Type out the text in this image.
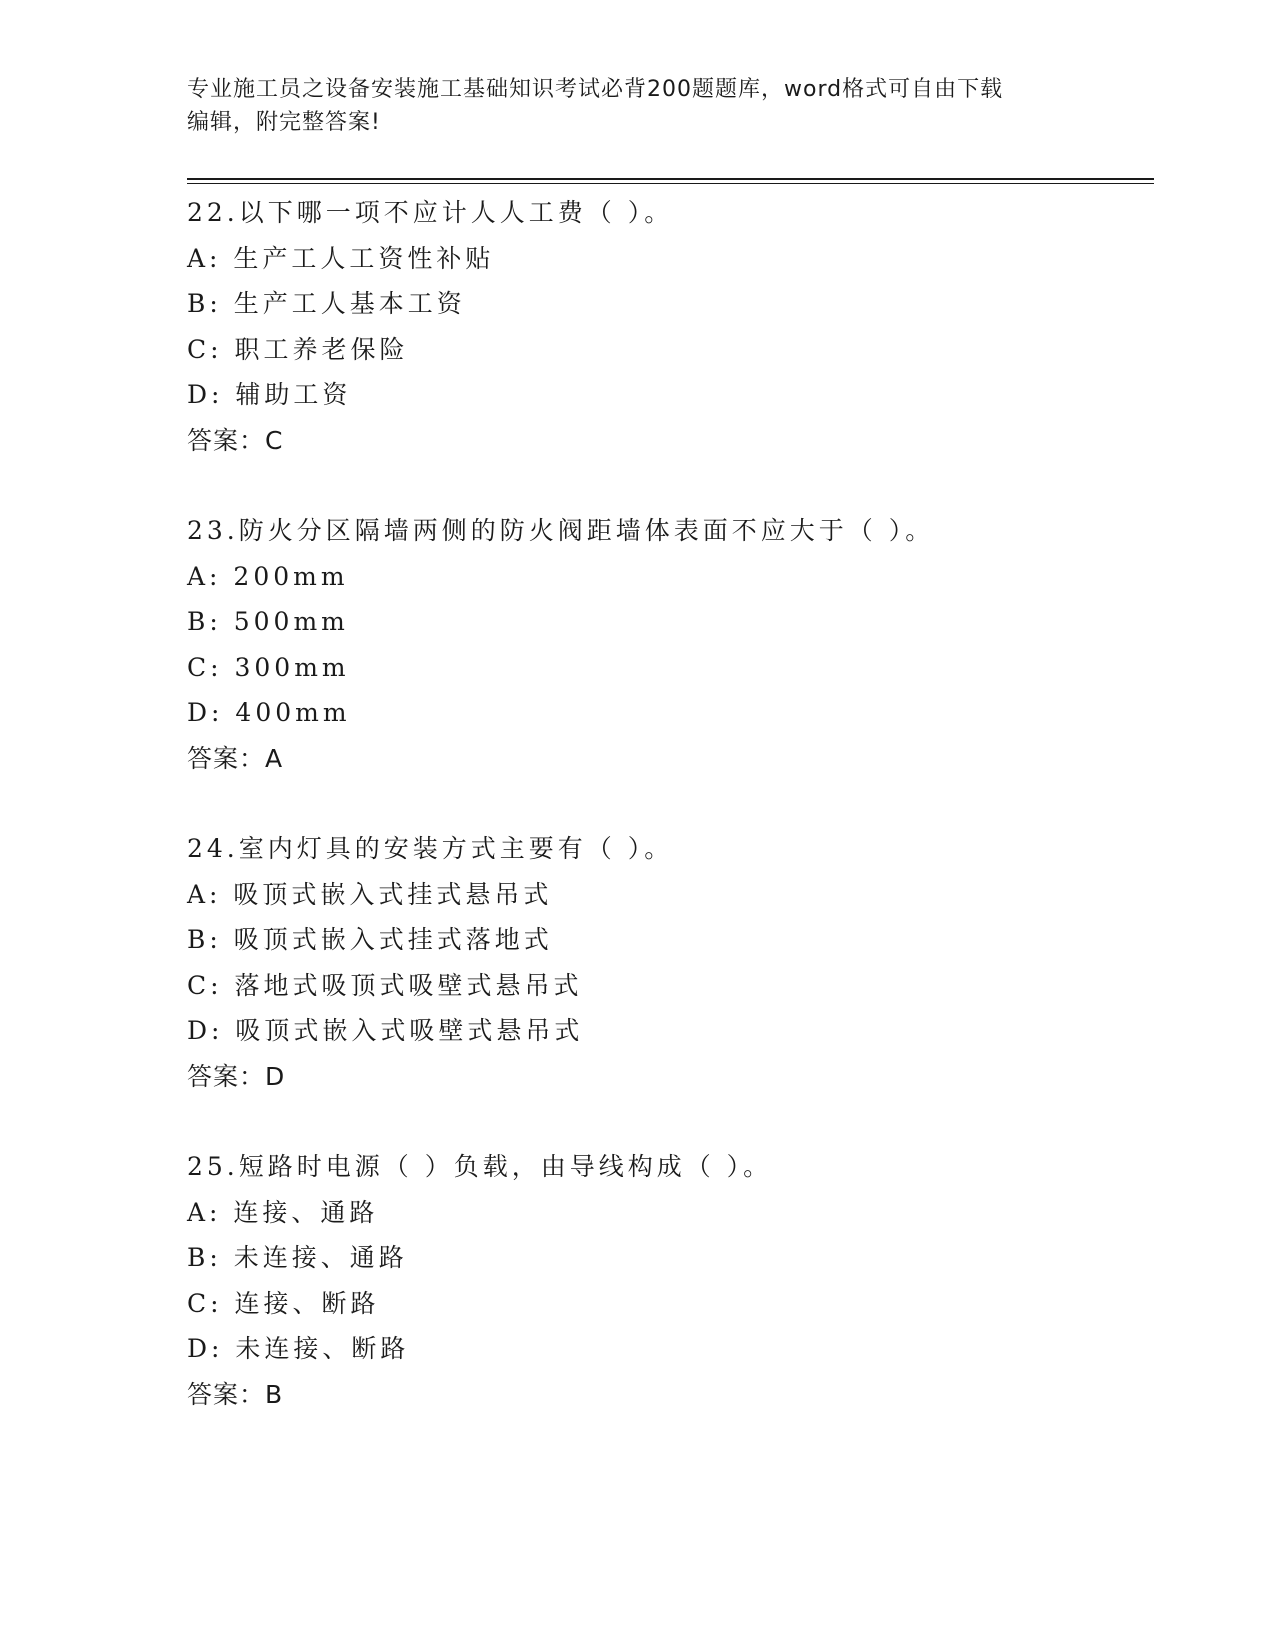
专业施工员之设备安装施工基础知识考试必背200题题库，word格式可自由下载
编辑，附完整答案!
22.以下哪一项不应计人人工费（ ）。
A: 生产工人工资性补贴
B: 生产工人基本工资
C: 职工养老保险
D: 辅助工资
答案：C
23.防火分区隔墙两侧的防火阀距墙体表面不应大于（ ）。
A: 200mm
B: 500mm
C: 300mm
D: 400mm
答案：A
24.室内灯具的安装方式主要有（ ）。
A: 吸顶式嵌入式挂式悬吊式
B: 吸顶式嵌入式挂式落地式
C: 落地式吸顶式吸壁式悬吊式
D: 吸顶式嵌入式吸壁式悬吊式
答案：D
25.短路时电源（ ）负载，由导线构成（ ）。
A: 连接、通路
B: 未连接、通路
C: 连接、断路
D: 未连接、断路
答案：B
